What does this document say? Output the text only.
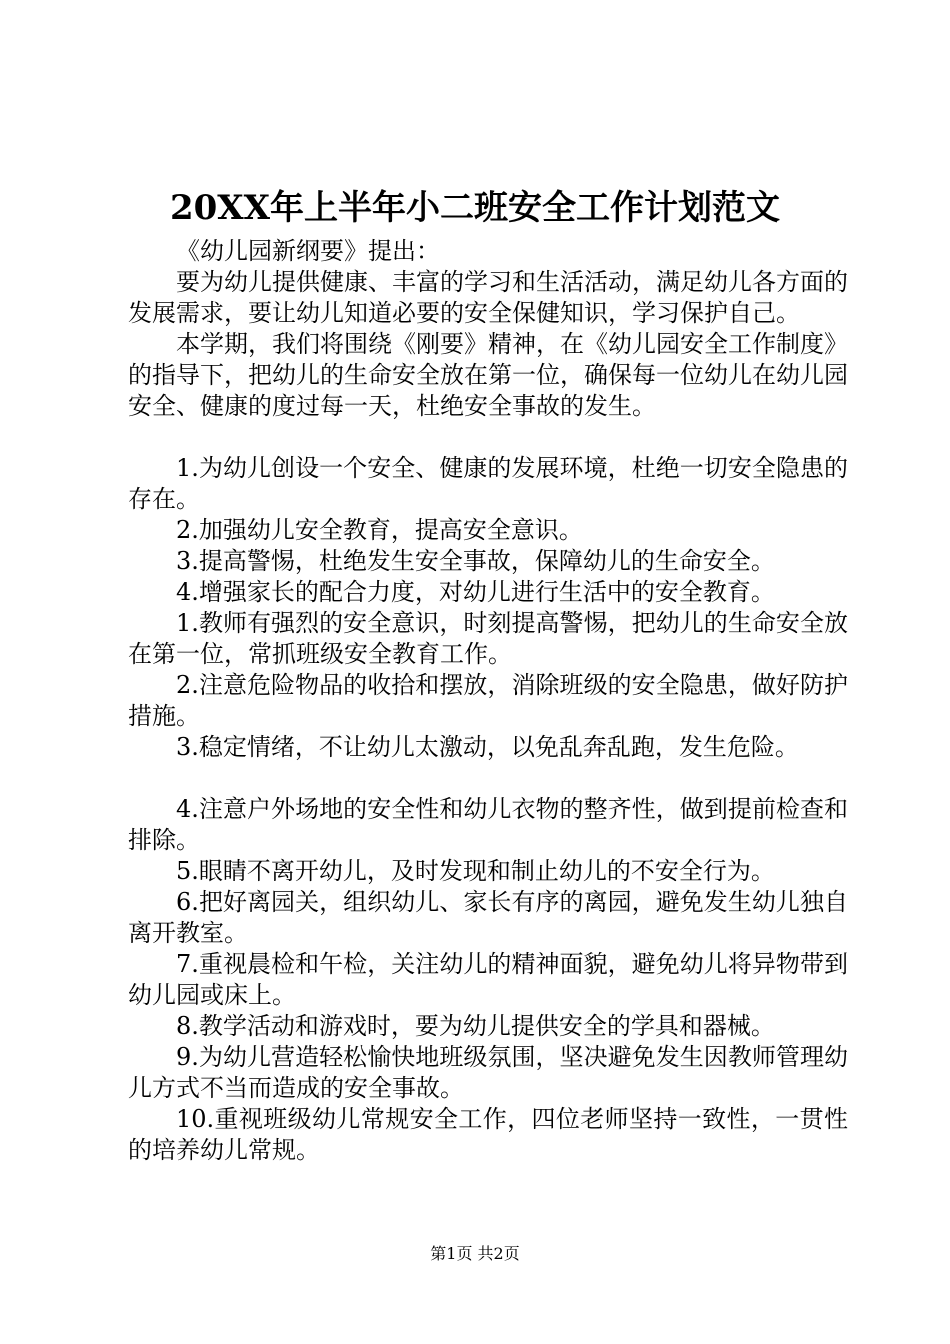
20XX年上半年小二班安全工作计划范文

《幼儿园新纲要》提出：

要为幼儿提供健康、丰富的学习和生活活动，满足幼儿各方面的发展需求，要让幼儿知道必要的安全保健知识，学习保护自己。

本学期，我们将围绕《刚要》精神，在《幼儿园安全工作制度》的指导下，把幼儿的生命安全放在第一位，确保每一位幼儿在幼儿园安全、健康的度过每一天，杜绝安全事故的发生。

1.为幼儿创设一个安全、健康的发展环境，杜绝一切安全隐患的存在。

2.加强幼儿安全教育，提高安全意识。

3.提高警惕，杜绝发生安全事故，保障幼儿的生命安全。

4.增强家长的配合力度，对幼儿进行生活中的安全教育。

1.教师有强烈的安全意识，时刻提高警惕，把幼儿的生命安全放在第一位，常抓班级安全教育工作。

2.注意危险物品的收拾和摆放，消除班级的安全隐患，做好防护措施。

3.稳定情绪，不让幼儿太激动，以免乱奔乱跑，发生危险。

4.注意户外场地的安全性和幼儿衣物的整齐性，做到提前检查和排除。

5.眼睛不离开幼儿，及时发现和制止幼儿的不安全行为。

6.把好离园关，组织幼儿、家长有序的离园，避免发生幼儿独自离开教室。

7.重视晨检和午检，关注幼儿的精神面貌，避免幼儿将异物带到幼儿园或床上。

8.教学活动和游戏时，要为幼儿提供安全的学具和器械。

9.为幼儿营造轻松愉快地班级氛围，坚决避免发生因教师管理幼儿方式不当而造成的安全事故。

10.重视班级幼儿常规安全工作，四位老师坚持一致性，一贯性的培养幼儿常规。

第1页 共2页
